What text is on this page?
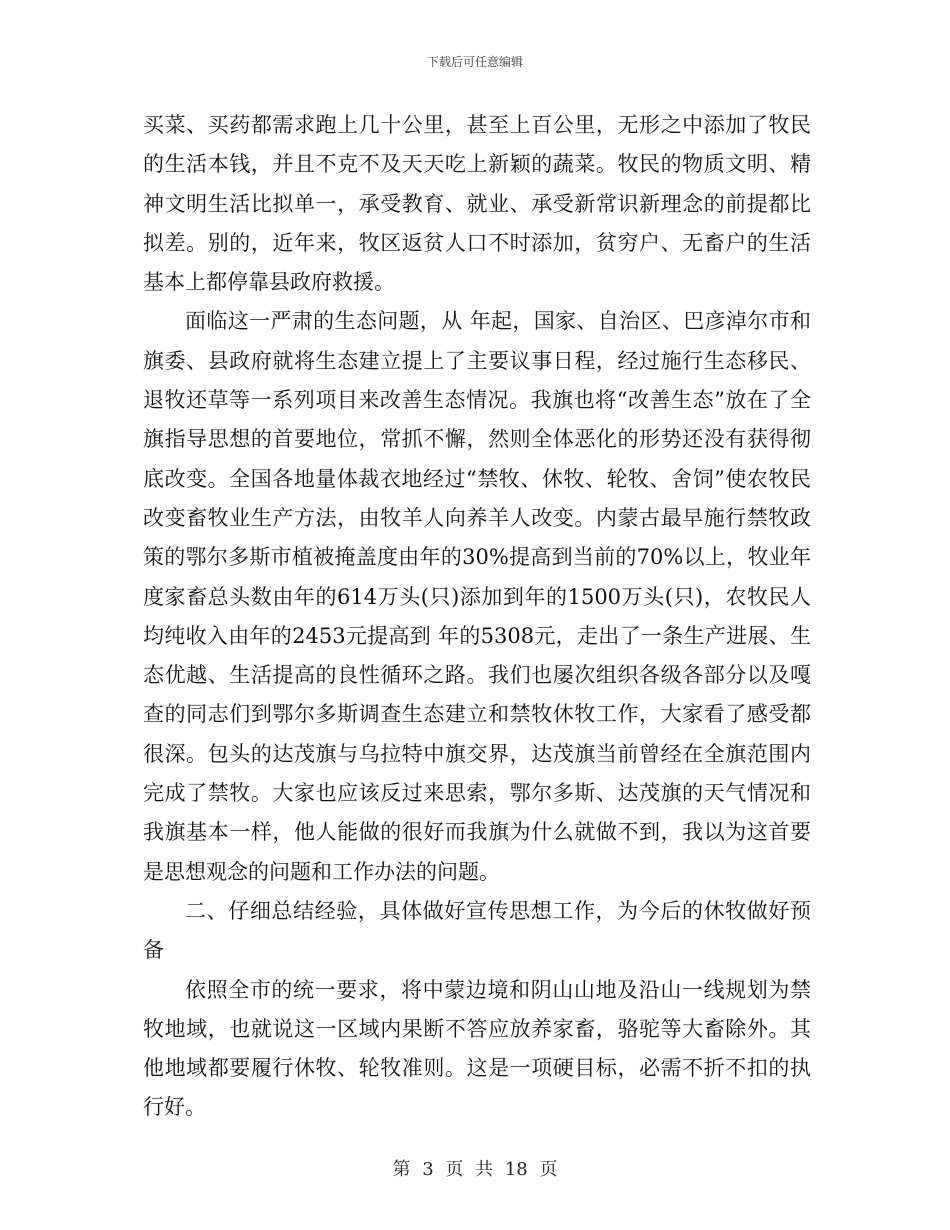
下载后可任意编辑

买菜、买药都需求跑上几十公里，甚至上百公里，无形之中添加了牧民的生活本钱，并且不克不及天天吃上新颖的蔬菜。牧民的物质文明、精神文明生活比拟单一，承受教育、就业、承受新常识新理念的前提都比拟差。别的，近年来，牧区返贫人口不时添加，贫穷户、无畜户的生活基本上都停靠县政府救援。

面临这一严肃的生态问题，从 年起，国家、自治区、巴彦淖尔市和旗委、县政府就将生态建立提上了主要议事日程，经过施行生态移民、退牧还草等一系列项目来改善生态情况。我旗也将“改善生态”放在了全旗指导思想的首要地位，常抓不懈，然则全体恶化的形势还没有获得彻底改变。全国各地量体裁衣地经过“禁牧、休牧、轮牧、舍饲”使农牧民改变畜牧业生产方法，由牧羊人向养羊人改变。内蒙古最早施行禁牧政策的鄂尔多斯市植被掩盖度由年的30%提高到当前的70%以上，牧业年度家畜总头数由年的614万头(只)添加到年的1500万头(只)，农牧民人均纯收入由年的2453元提高到 年的5308元，走出了一条生产进展、生态优越、生活提高的良性循环之路。我们也屡次组织各级各部分以及嘎查的同志们到鄂尔多斯调查生态建立和禁牧休牧工作，大家看了感受都很深。包头的达茂旗与乌拉特中旗交界，达茂旗当前曾经在全旗范围内完成了禁牧。大家也应该反过来思索，鄂尔多斯、达茂旗的天气情况和我旗基本一样，他人能做的很好而我旗为什么就做不到，我以为这首要是思想观念的问题和工作办法的问题。

二、仔细总结经验，具体做好宣传思想工作，为今后的休牧做好预备

依照全市的统一要求，将中蒙边境和阴山山地及沿山一线规划为禁牧地域，也就说这一区域内果断不答应放养家畜，骆驼等大畜除外。其他地域都要履行休牧、轮牧准则。这是一项硬目标，必需不折不扣的执行好。

第 3 页 共 18 页
